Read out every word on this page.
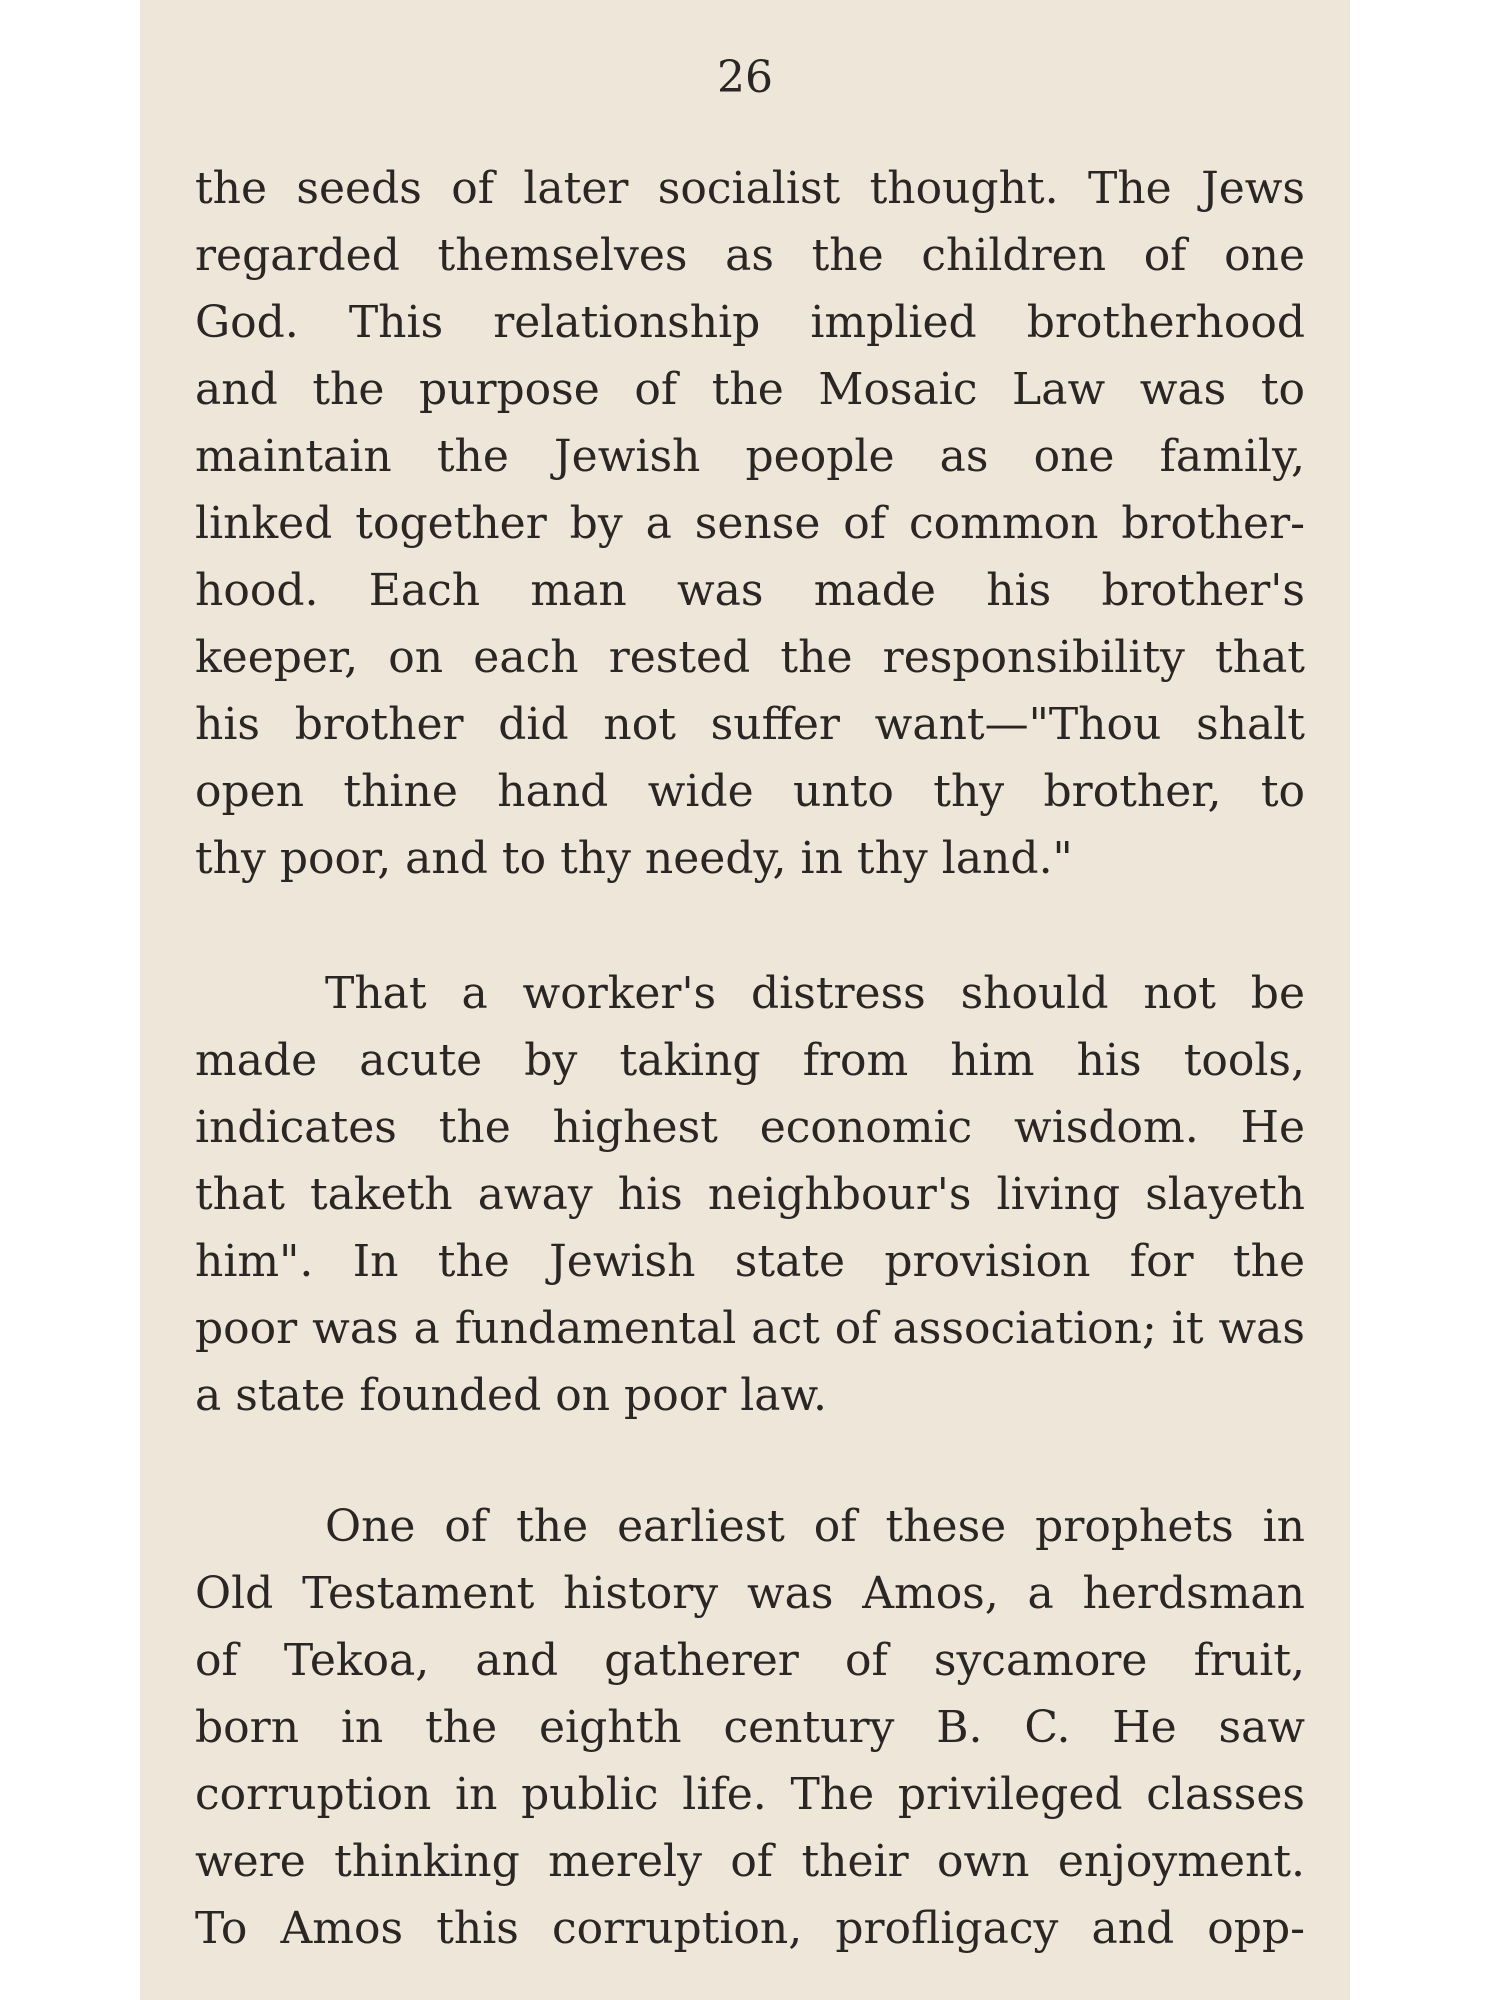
26
the seeds of later socialist thought. The Jews
regarded themselves as the children of one
God. This relationship implied brotherhood
and the purpose of the Mosaic Law was to
maintain the Jewish people as one family,
linked together by a sense of common brother-
hood. Each man was made his brother's
keeper, on each rested the responsibility that
his brother did not suffer want—"Thou shalt
open thine hand wide unto thy brother, to
thy poor, and to thy needy, in thy land."
That a worker's distress should not be
made acute by taking from him his tools,
indicates the highest economic wisdom. He
that taketh away his neighbour's living slayeth
him". In the Jewish state provision for the
poor was a fundamental act of association; it was
a state founded on poor law.
One of the earliest of these prophets in
Old Testament history was Amos, a herdsman
of Tekoa, and gatherer of sycamore fruit,
born in the eighth century B. C. He saw
corruption in public life. The privileged classes
were thinking merely of their own enjoyment.
To Amos this corruption, profligacy and opp-
